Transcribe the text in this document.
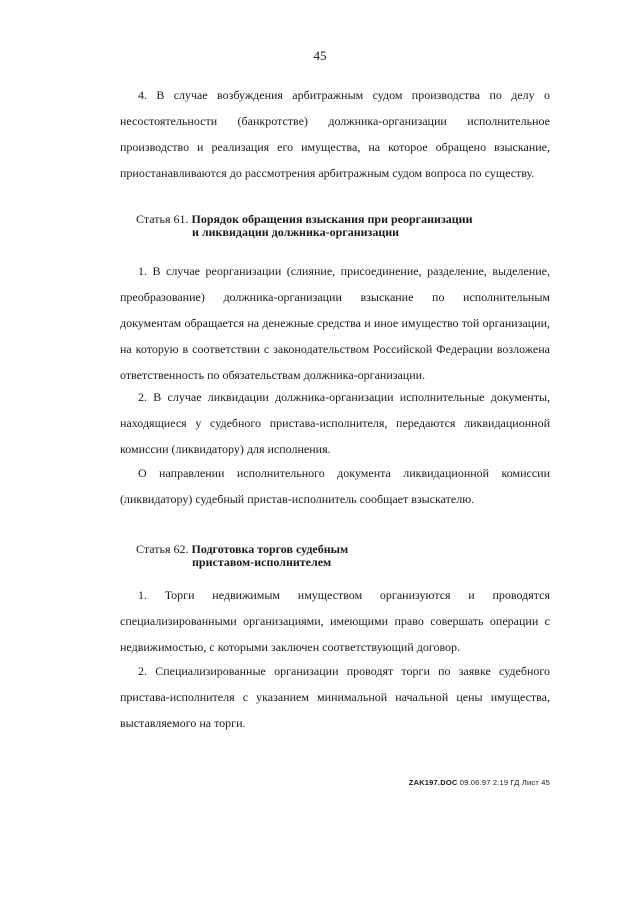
45

4. В случае возбуждения арбитражным судом производства по делу о несостоятельности (банкротстве) должника-организации исполнительное производство и реализация его имущества, на которое обращено взыскание, приостанавливаются до рассмотрения арбитражным судом вопроса по существу.

Статья 61. Порядок обращения взыскания при реорганизации
и ликвидации должника-организации

1. В случае реорганизации (слияние, присоединение, разделение, выделение, преобразование) должника-организации взыскание по исполнительным документам обращается на денежные средства и иное имущество той организации, на которую в соответствии с законодательством Российской Федерации возложена ответственность по обязательствам должника-организации.

2. В случае ликвидации должника-организации исполнительные документы, находящиеся у судебного пристава-исполнителя, передаются ликвидационной комиссии (ликвидатору) для исполнения.

О направлении исполнительного документа ликвидационной комиссии (ликвидатору) судебный пристав-исполнитель сообщает взыскателю.

Статья 62. Подготовка торгов судебным
приставом-исполнителем

1. Торги недвижимым имуществом организуются и проводятся специализированными организациями, имеющими право совершать операции с недвижимостью, с которыми заключен соответствующий договор.

2. Специализированные организации проводят торги по заявке судебного пристава-исполнителя с указанием минимальной начальной цены имущества, выставляемого на торги.

ZAK197.DOC 09.06.97 2:19 ГД Лист 45
